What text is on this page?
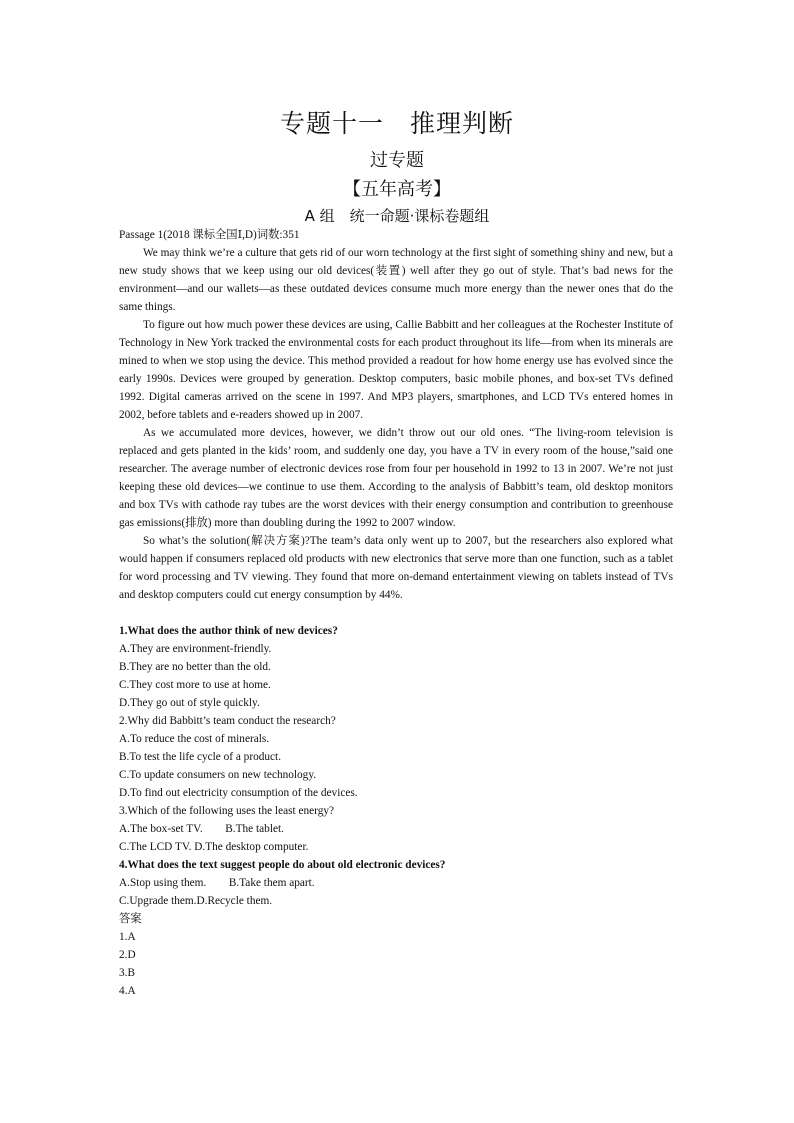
专题十一　推理判断
过专题
【五年高考】
A 组　统一命题·课标卷题组
Passage 1(2018 课标全国Ⅰ,D)词数:351

We may think we’re a culture that gets rid of our worn technology at the first sight of something shiny and new, but a new study shows that we keep using our old devices(装置) well after they go out of style. That’s bad news for the environment—and our wallets—as these outdated devices consume much more energy than the newer ones that do the same things.

To figure out how much power these devices are using, Callie Babbitt and her colleagues at the Rochester Institute of Technology in New York tracked the environmental costs for each product throughout its life—from when its minerals are mined to when we stop using the device. This method provided a readout for how home energy use has evolved since the early 1990s. Devices were grouped by generation. Desktop computers, basic mobile phones, and box-set TVs defined 1992. Digital cameras arrived on the scene in 1997. And MP3 players, smartphones, and LCD TVs entered homes in 2002, before tablets and e-readers showed up in 2007.

As we accumulated more devices, however, we didn’t throw out our old ones. “The living-room television is replaced and gets planted in the kids’ room, and suddenly one day, you have a TV in every room of the house,”said one researcher. The average number of electronic devices rose from four per household in 1992 to 13 in 2007. We’re not just keeping these old devices—we continue to use them. According to the analysis of Babbitt’s team, old desktop monitors and box TVs with cathode ray tubes are the worst devices with their energy consumption and contribution to greenhouse gas emissions(排放) more than doubling during the 1992 to 2007 window.

So what’s the solution(解决方案)?The team’s data only went up to 2007, but the researchers also explored what would happen if consumers replaced old products with new electronics that serve more than one function, such as a tablet for word processing and TV viewing. They found that more on-demand entertainment viewing on tablets instead of TVs and desktop computers could cut energy consumption by 44%.

1.What does the author think of new devices?
A.They are environment-friendly.
B.They are no better than the old.
C.They cost more to use at home.
D.They go out of style quickly.
2.Why did Babbitt’s team conduct the research?
A.To reduce the cost of minerals.
B.To test the life cycle of a product.
C.To update consumers on new technology.
D.To find out electricity consumption of the devices.
3.Which of the following uses the least energy?
A.The box-set TV.　　B.The tablet.
C.The LCD TV. D.The desktop computer.
4.What does the text suggest people do about old electronic devices?
A.Stop using them.　　B.Take them apart.
C.Upgrade them.D.Recycle them.
答案
1.A
2.D
3.B
4.A
